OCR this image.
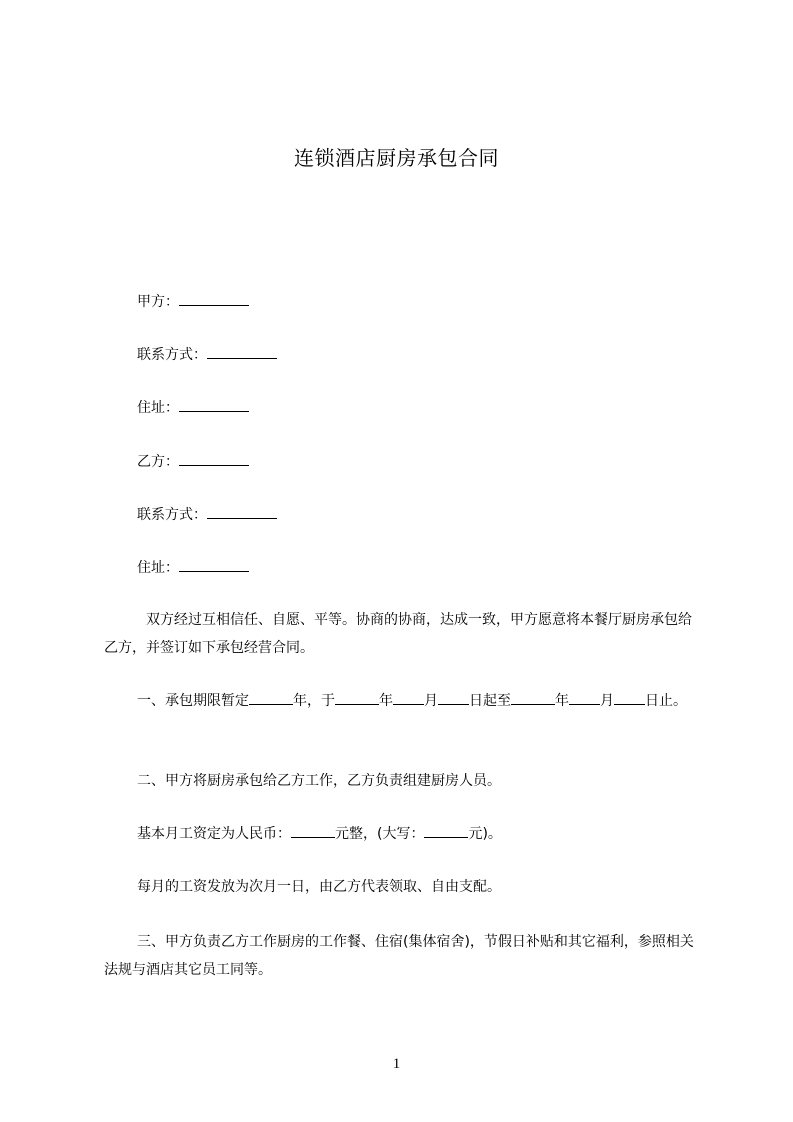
连锁酒店厨房承包合同
甲方：
联系方式：
住址：
乙方：
联系方式：
住址：
双方经过互相信任、自愿、平等。协商的协商，达成一致，甲方愿意将本餐厅厨房承包给乙方，并签订如下承包经营合同。
一、承包期限暂定	年，于	年 月 日起至	年 月 日止。
二、甲方将厨房承包给乙方工作，乙方负责组建厨房人员。
基本月工资定为人民币：	元整，(大写：	元)。
每月的工资发放为次月一日，由乙方代表领取、自由支配。
三、甲方负责乙方工作厨房的工作餐、住宿(集体宿舍)，节假日补贴和其它福利，参照相关法规与酒店其它员工同等。
1
